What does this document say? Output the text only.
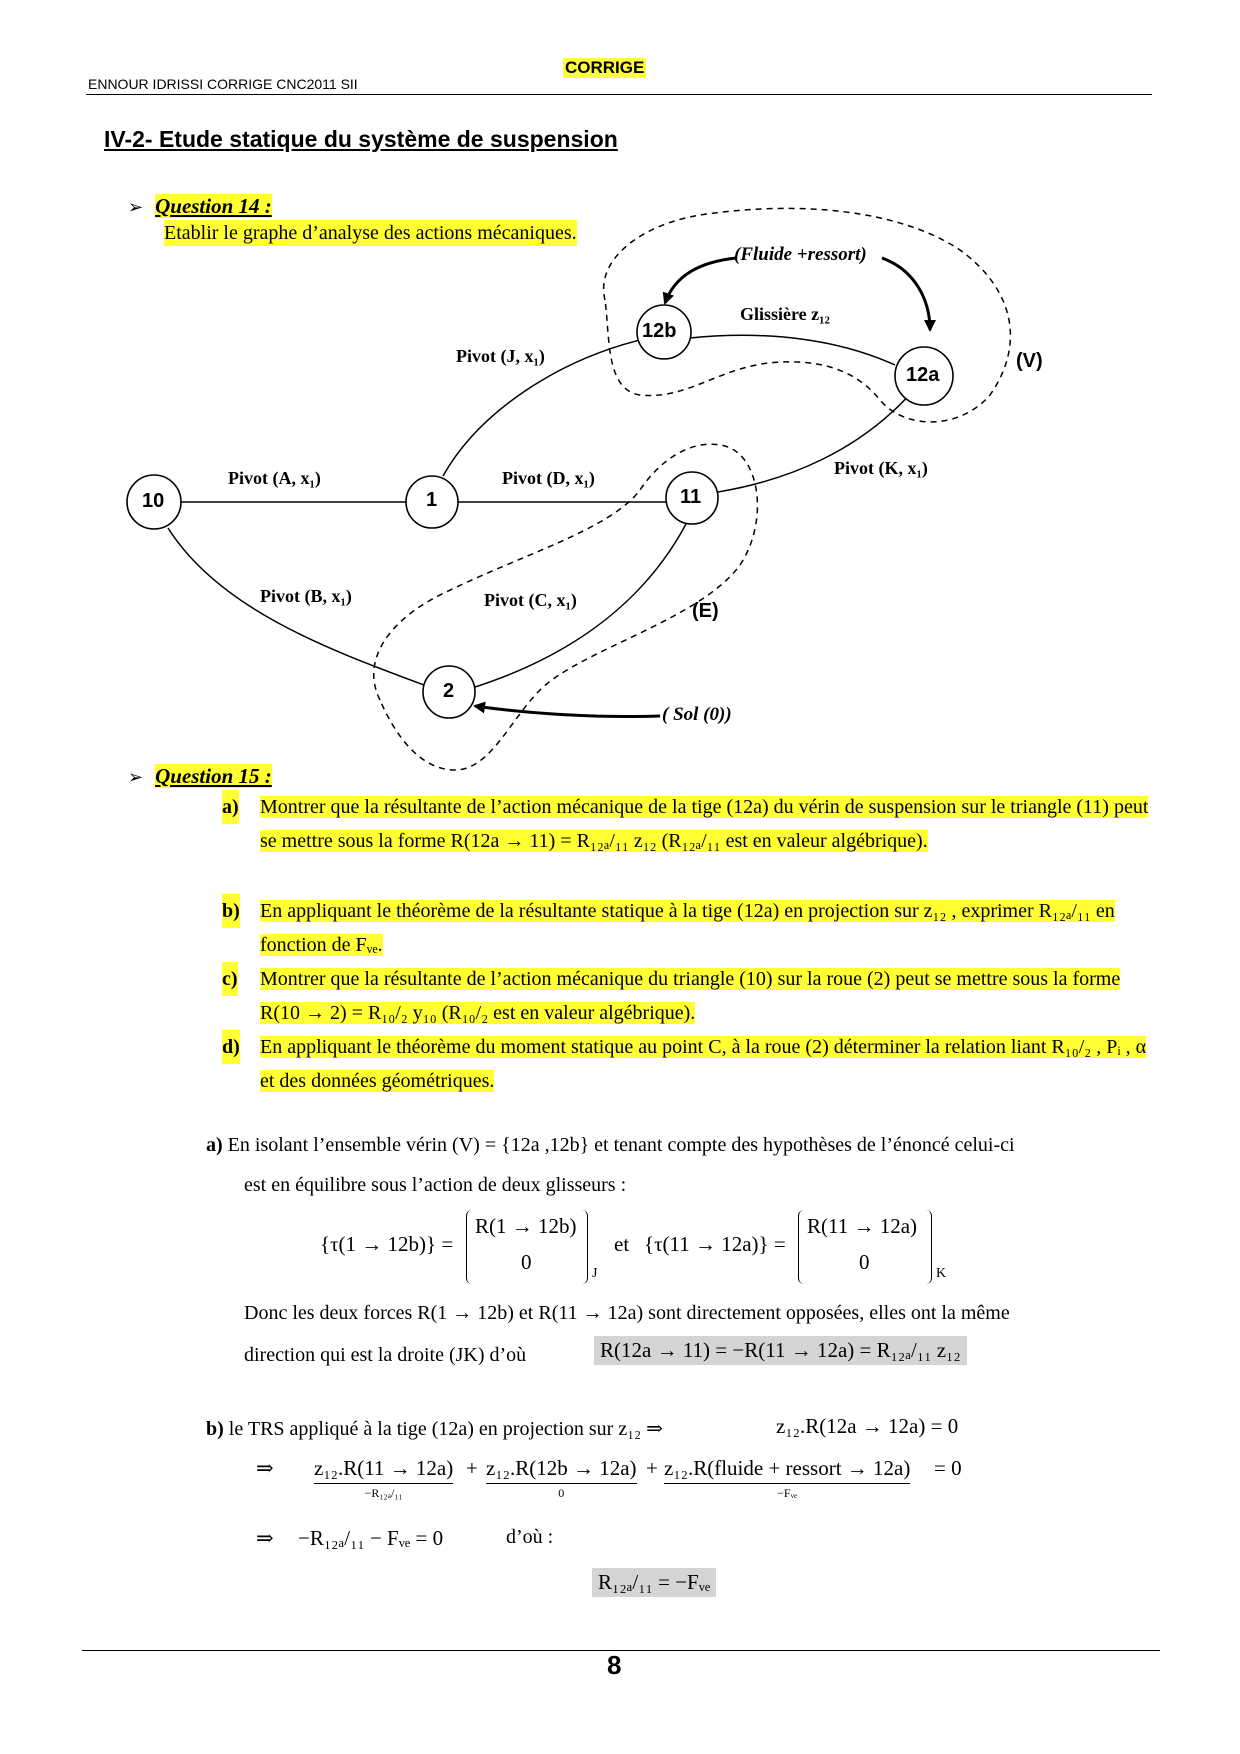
ENNOUR IDRISSI CORRIGE CNC2011 SII
CORRIGE
IV-2- Etude statique du système de suspension
➢ Question 14 :
Etablir le graphe d’analyse des actions mécaniques.
10	1	11
2
12b
12a
Pivot (A, x₁)	Pivot (D, x₁)
Pivot (J, x₁)
Pivot (K, x₁)
Pivot (B, x₁)	Pivot (C, x₁)
Glissière z₁₂
(Fluide +ressort)
( Sol (0))
(V)
(E)
➢ Question 15 :
a) Montrer que la résultante de l’action mécanique de la tige (12a) du vérin de suspension sur le triangle (11) peut se mettre sous la forme R(12a → 11) = R₁₂ₐ/₁₁ z₁₂ (R₁₂ₐ/₁₁ est en valeur algébrique).
b) En appliquant le théorème de la résultante statique à la tige (12a) en projection sur z₁₂ , exprimer R₁₂ₐ/₁₁ en fonction de Fᵥₑ.
c) Montrer que la résultante de l’action mécanique du triangle (10) sur la roue (2) peut se mettre sous la forme R(10 → 2) = R₁₀/₂ y₁₀ (R₁₀/₂ est en valeur algébrique).
d) En appliquant le théorème du moment statique au point C, à la roue (2) déterminer la relation liant R₁₀/₂ , Pᵢ , α et des données géométriques.
a) En isolant l’ensemble vérin (V) = {12a ,12b} et tenant compte des hypothèses de l’énoncé celui-ci
est en équilibre sous l’action de deux glisseurs :
{τ(1 → 12b)} =
R(1 → 12b)
0	J
et {τ(11 → 12a)} =
R(11 → 12a)
0	K
Donc les deux forces R(1 → 12b) et R(11 → 12a) sont directement opposées, elles ont la même
direction qui est la droite (JK) d’où	R(12a → 11) = −R(11 → 12a) = R₁₂ₐ/₁₁ z₁₂
b) le TRS appliqué à la tige (12a) en projection sur z₁₂ ⇒	z₁₂.R(12a → 12a) = 0
⇒ z₁₂.R(11 → 12a)
−R₁₂ₐ/₁₁
+ z₁₂.R(12b → 12a)
0
+ z₁₂.R(fluide + ressort → 12a)
−Fᵥₑ
= 0
⇒ −R₁₂ₐ/₁₁ − Fᵥₑ = 0	d’où :
R₁₂ₐ/₁₁ = −Fᵥₑ
8
